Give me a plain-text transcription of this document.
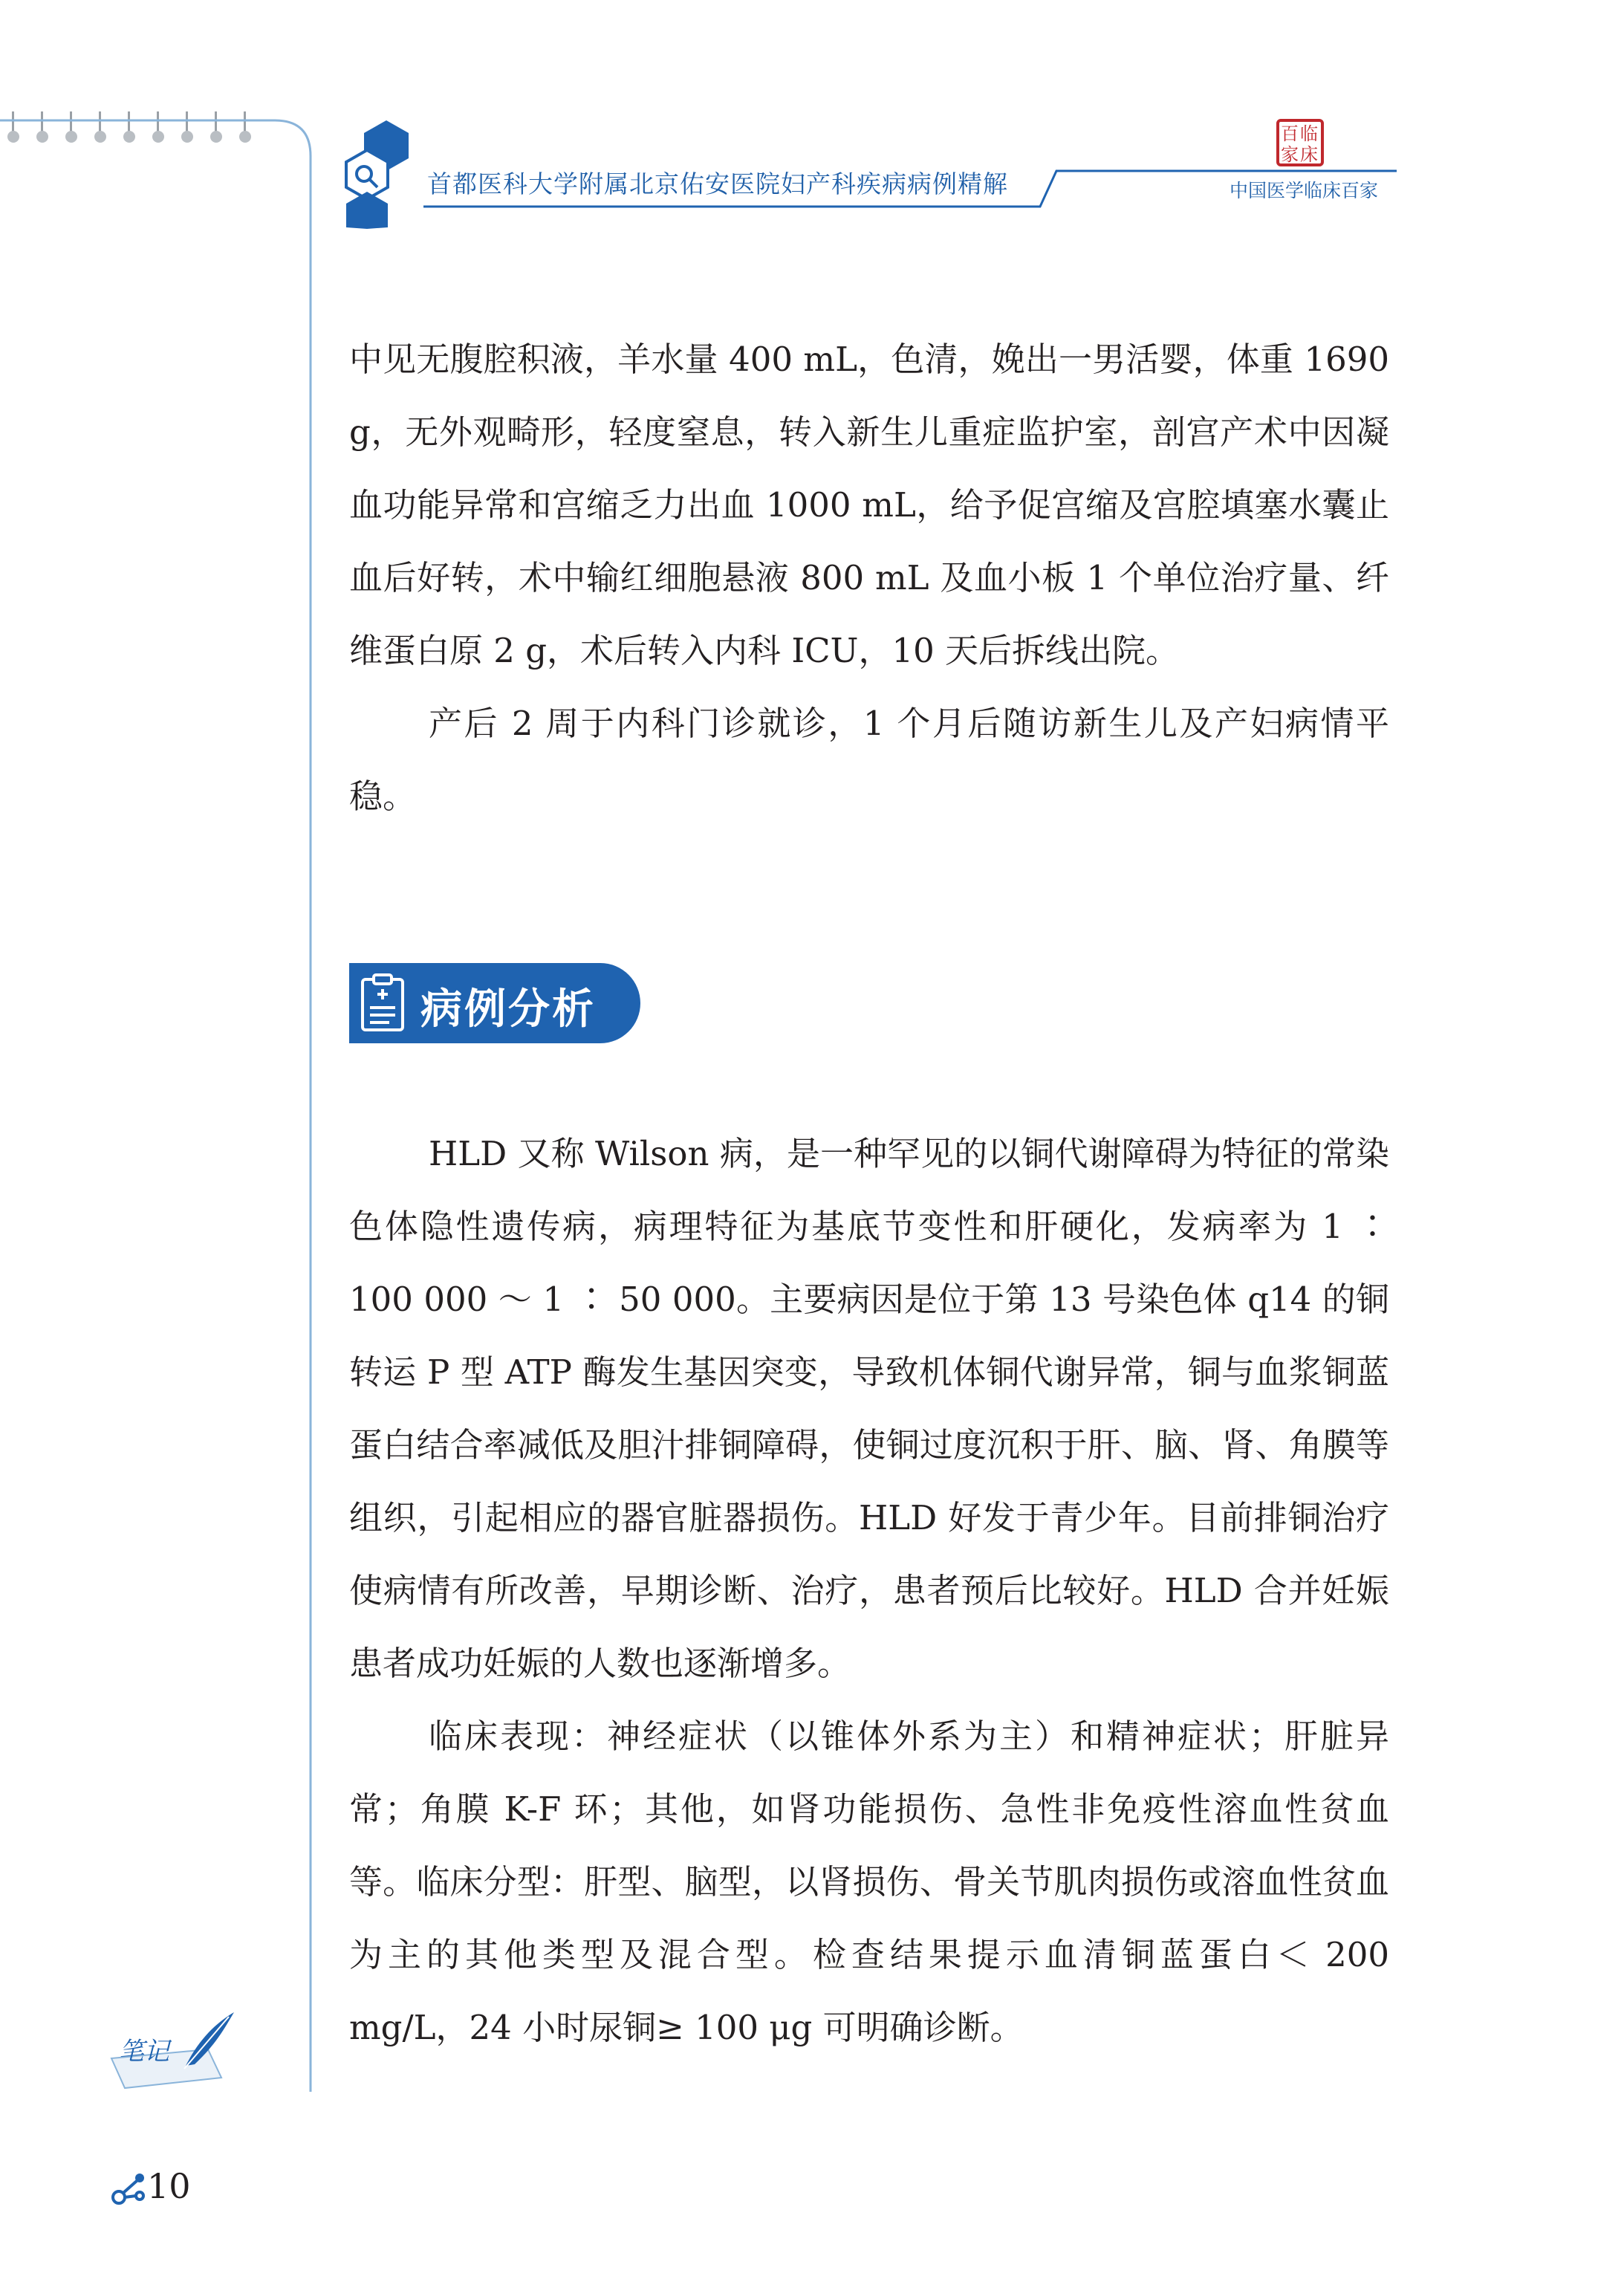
首都医科大学附属北京佑安医院妇产科疾病病例精解
百临家床
中国医学临床百家

中见无腹腔积液，羊水量 400 mL，色清，娩出一男活婴，体重 1690 g，无外观畸形，轻度窒息，转入新生儿重症监护室，剖宫产术中因凝血功能异常和宫缩乏力出血 1000 mL，给予促宫缩及宫腔填塞水囊止血后好转，术中输红细胞悬液 800 mL 及血小板 1 个单位治疗量、纤维蛋白原 2 g，术后转入内科 ICU，10 天后拆线出院。

产后 2 周于内科门诊就诊，1 个月后随访新生儿及产妇病情平稳。

病例分析

HLD 又称 Wilson 病，是一种罕见的以铜代谢障碍为特征的常染色体隐性遗传病，病理特征为基底节变性和肝硬化，发病率为 1 ∶ 100 000 ～ 1 ∶ 50 000。主要病因是位于第 13 号染色体 q14 的铜转运 P 型 ATP 酶发生基因突变，导致机体铜代谢异常，铜与血浆铜蓝蛋白结合率减低及胆汁排铜障碍，使铜过度沉积于肝、脑、肾、角膜等组织，引起相应的器官脏器损伤。HLD 好发于青少年。目前排铜治疗使病情有所改善，早期诊断、治疗，患者预后比较好。HLD 合并妊娠患者成功妊娠的人数也逐渐增多。

临床表现：神经症状（以锥体外系为主）和精神症状；肝脏异常；角膜 K-F 环；其他，如肾功能损伤、急性非免疫性溶血性贫血等。临床分型：肝型、脑型，以肾损伤、骨关节肌肉损伤或溶血性贫血为主的其他类型及混合型。检查结果提示血清铜蓝蛋白＜ 200 mg/L，24 小时尿铜≥ 100 μg 可明确诊断。

笔记
10
